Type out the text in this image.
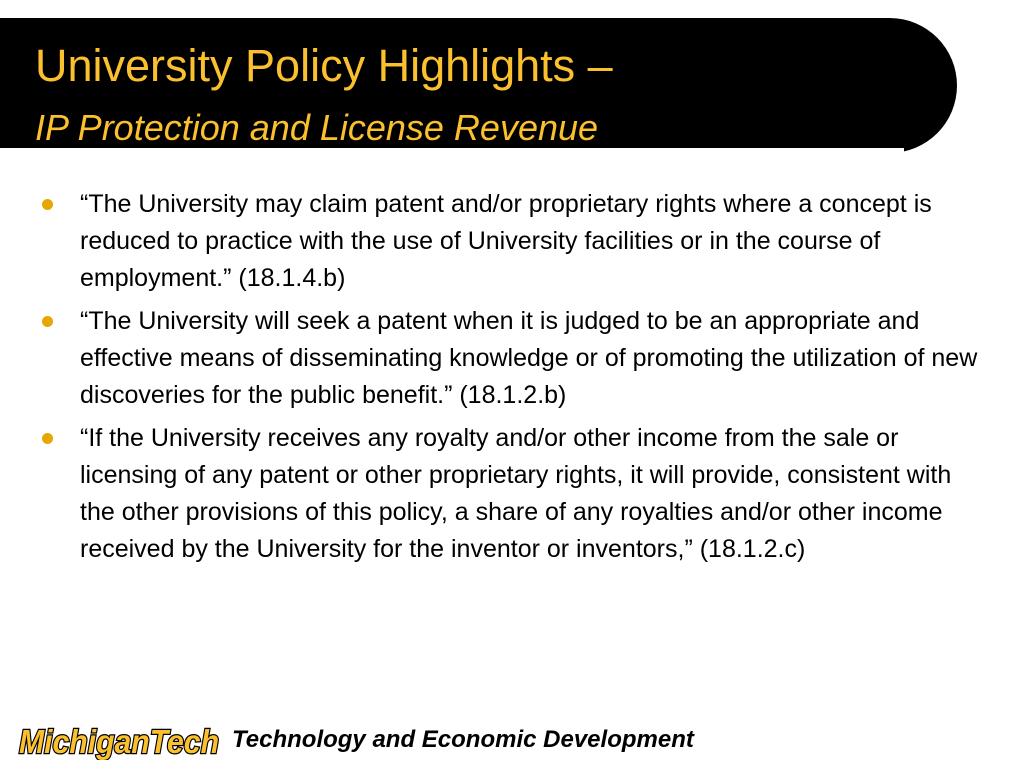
University Policy Highlights –
IP Protection and License Revenue
“The University may claim patent and/or proprietary rights where a concept is reduced to practice with the use of University facilities or in the course of employment.” (18.1.4.b)
“The University will seek a patent when it is judged to be an appropriate and effective means of disseminating knowledge or of promoting the utilization of new discoveries for the public benefit.” (18.1.2.b)
“If the University receives any royalty and/or other income from the sale or licensing of any patent or other proprietary rights, it will provide, consistent with the other provisions of this policy, a share of any royalties and/or other income received by the University for the inventor or inventors,” (18.1.2.c)
MichiganTech Technology and Economic Development
